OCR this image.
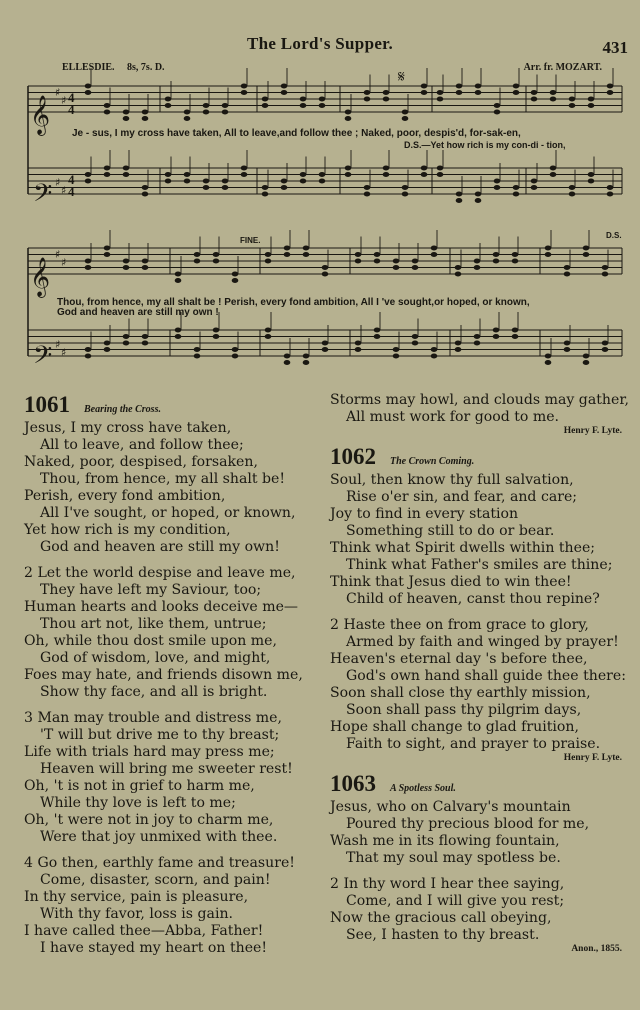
The Lord's Supper.	431
ELLESDIE. 8s, 7s. D.	Arr. fr. MOZART.
𝄞
𝄞
𝄢
𝄢
♯
♯
♯
♯
♯
♯
♯
♯
4
4
4
4
𝄋
FINE.
D.S.
Je - sus, I my cross have taken, All to leave,and follow thee ; Naked, poor, despis'd, for-sak-en,
D.S.—Yet how rich is my con-di - tion,
Thou, from hence, my all shalt be ! Perish, every fond ambition, All I 've sought,or hoped, or known,
God and heaven are still my own !
1061 Bearing the Cross.
Jesus, I my cross have taken,
All to leave, and follow thee;
Naked, poor, despised, forsaken,
Thou, from hence, my all shalt be!
Perish, every fond ambition,
All I've sought, or hoped, or known,
Yet how rich is my condition,
God and heaven are still my own!
2 Let the world despise and leave me,
They have left my Saviour, too;
Human hearts and looks deceive me—
Thou art not, like them, untrue;
Oh, while thou dost smile upon me,
God of wisdom, love, and might,
Foes may hate, and friends disown me,
Show thy face, and all is bright.
3 Man may trouble and distress me,
'T will but drive me to thy breast;
Life with trials hard may press me;
Heaven will bring me sweeter rest!
Oh, 't is not in grief to harm me,
While thy love is left to me;
Oh, 't were not in joy to charm me,
Were that joy unmixed with thee.
4 Go then, earthly fame and treasure!
Come, disaster, scorn, and pain!
In thy service, pain is pleasure,
With thy favor, loss is gain.
I have called thee—Abba, Father!
I have stayed my heart on thee!
Storms may howl, and clouds may gather,
All must work for good to me.
Henry F. Lyte.
1062 The Crown Coming.
Soul, then know thy full salvation,
Rise o'er sin, and fear, and care;
Joy to find in every station
Something still to do or bear.
Think what Spirit dwells within thee;
Think what Father's smiles are thine;
Think that Jesus died to win thee!
Child of heaven, canst thou repine?
2 Haste thee on from grace to glory,
Armed by faith and winged by prayer!
Heaven's eternal day 's before thee,
God's own hand shall guide thee there:
Soon shall close thy earthly mission,
Soon shall pass thy pilgrim days,
Hope shall change to glad fruition,
Faith to sight, and prayer to praise.
Henry F. Lyte.
1063 A Spotless Soul.
Jesus, who on Calvary's mountain
Poured thy precious blood for me,
Wash me in its flowing fountain,
That my soul may spotless be.
2 In thy word I hear thee saying,
Come, and I will give you rest;
Now the gracious call obeying,
See, I hasten to thy breast.
Anon., 1855.
